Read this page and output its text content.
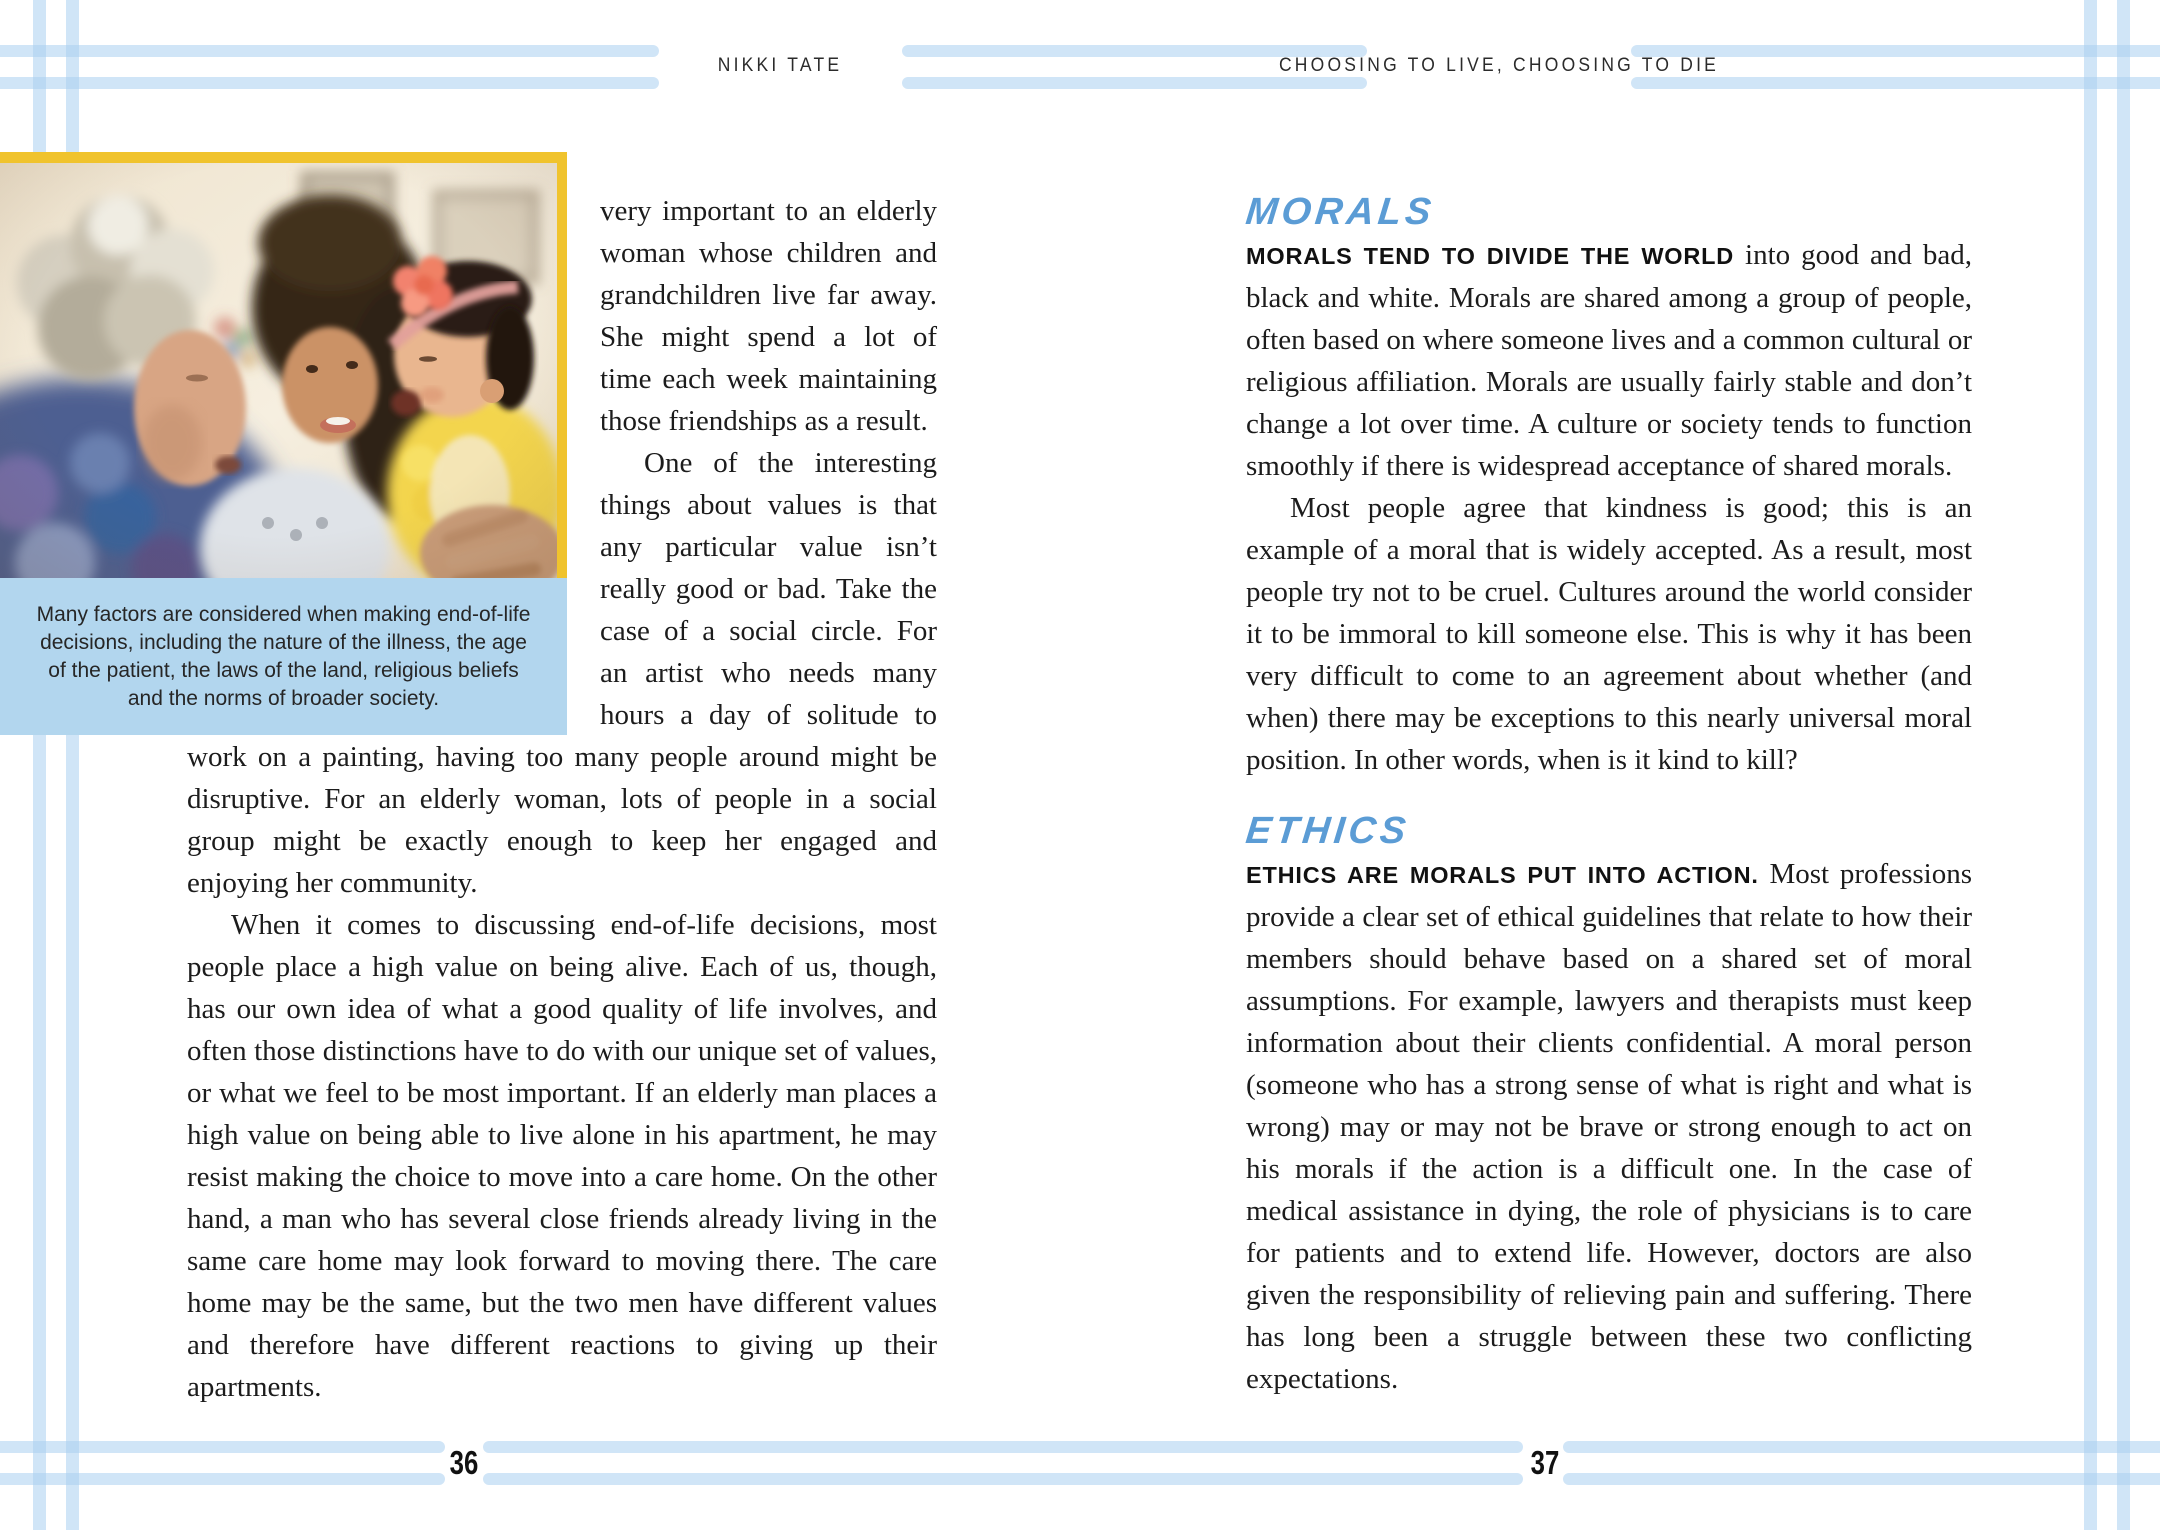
NIKKI TATE	CHOOSING TO LIVE, CHOOSING TO DIE
36	37

Many factors are considered when making end-of-life decisions, including the nature of the illness, the age of the patient, the laws of the land, religious beliefs and the norms of broader society.

very important to an elderly woman whose children and grandchildren live far away. She might spend a lot of time each week maintaining those friendships as a result.

One of the interesting things about values is that any particular value isn’t really good or bad. Take the case of a social circle. For an artist who needs many hours a day of solitude to work on a painting, having too many people around might be disruptive. For an elderly woman, lots of people in a social group might be exactly enough to keep her engaged and enjoying her community.

When it comes to discussing end-of-life decisions, most people place a high value on being alive. Each of us, though, has our own idea of what a good quality of life involves, and often those distinctions have to do with our unique set of values, or what we feel to be most important. If an elderly man places a high value on being able to live alone in his apartment, he may resist making the choice to move into a care home. On the other hand, a man who has several close friends already living in the same care home may look forward to moving there. The care home may be the same, but the two men have different values and therefore have different reactions to giving up their apartments.

MORALS

MORALS TEND TO DIVIDE THE WORLD into good and bad, black and white. Morals are shared among a group of people, often based on where someone lives and a common cultural or religious affiliation. Morals are usually fairly stable and don’t change a lot over time. A culture or society tends to function smoothly if there is widespread acceptance of shared morals.

Most people agree that kindness is good; this is an example of a moral that is widely accepted. As a result, most people try not to be cruel. Cultures around the world consider it to be immoral to kill someone else. This is why it has been very difficult to come to an agreement about whether (and when) there may be exceptions to this nearly universal moral position. In other words, when is it kind to kill?

ETHICS

ETHICS ARE MORALS PUT INTO ACTION. Most professions provide a clear set of ethical guidelines that relate to how their members should behave based on a shared set of moral assumptions. For example, lawyers and therapists must keep information about their clients confidential. A moral person (someone who has a strong sense of what is right and what is wrong) may or may not be brave or strong enough to act on his morals if the action is a difficult one. In the case of medical assistance in dying, the role of physicians is to care for patients and to extend life. However, doctors are also given the responsibility of relieving pain and suffering. There has long been a struggle between these two conflicting expectations.
